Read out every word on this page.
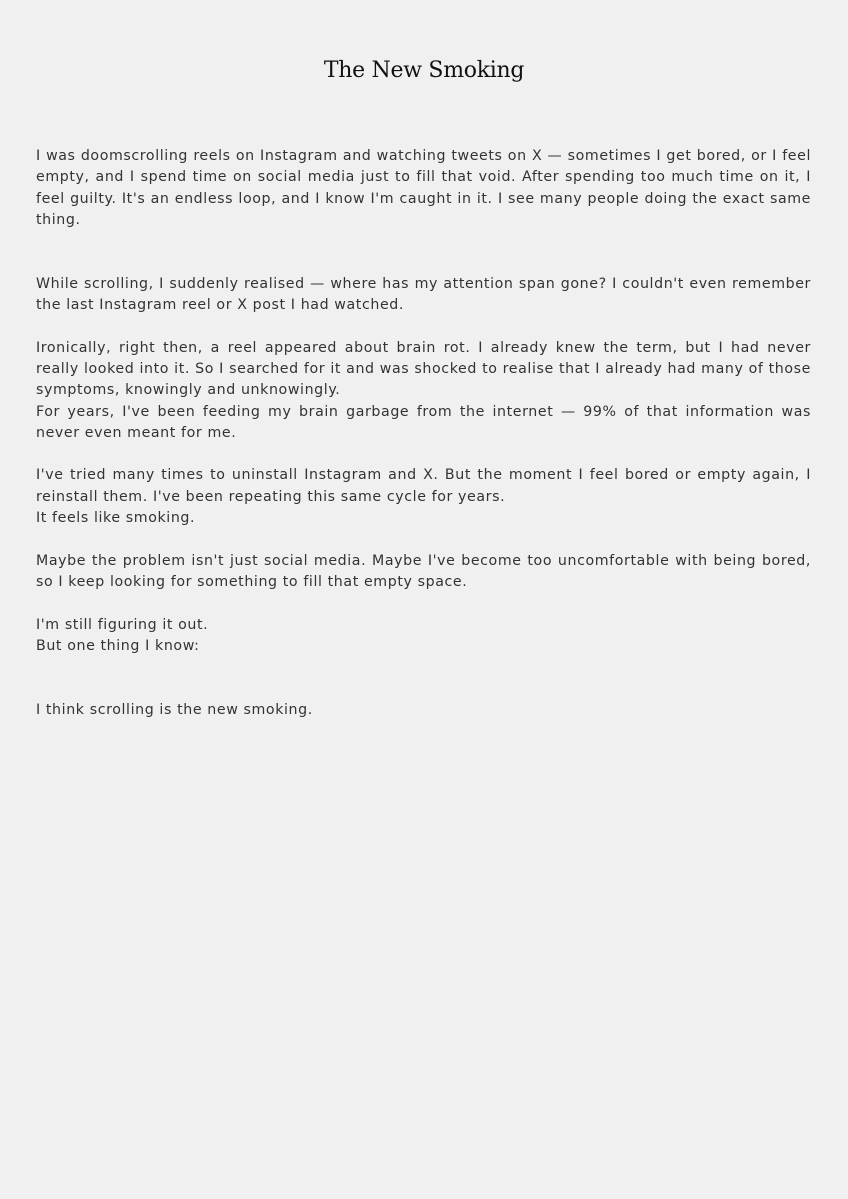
The New Smoking

I was doomscrolling reels on Instagram and watching tweets on X — sometimes I get bored, or I feel empty, and I spend time on social media just to fill that void. After spending too much time on it, I feel guilty. It's an endless loop, and I know I'm caught in it. I see many people doing the exact same thing.

While scrolling, I suddenly realised — where has my attention span gone? I couldn't even remember the last Instagram reel or X post I had watched.

Ironically, right then, a reel appeared about brain rot. I already knew the term, but I had never really looked into it. So I searched for it and was shocked to realise that I already had many of those symptoms, knowingly and unknowingly.

For years, I've been feeding my brain garbage from the internet — 99% of that information was never even meant for me.

I've tried many times to uninstall Instagram and X. But the moment I feel bored or empty again, I reinstall them. I've been repeating this same cycle for years.

It feels like smoking.

Maybe the problem isn't just social media. Maybe I've become too uncomfortable with being bored, so I keep looking for something to fill that empty space.

I'm still figuring it out.

But one thing I know:

I think scrolling is the new smoking.
